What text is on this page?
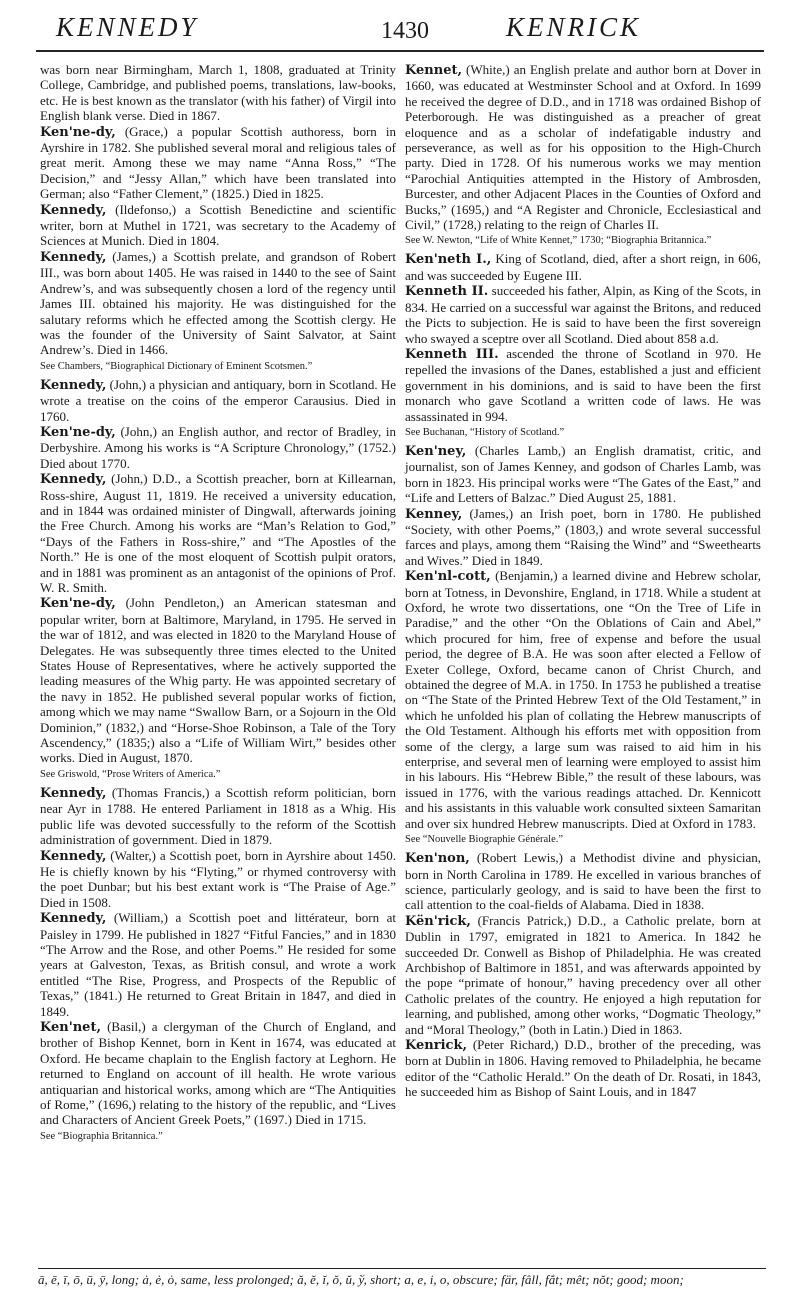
KENNEDY	1430	KENRICK

was born near Birmingham, March 1, 1808, graduated at Trinity College, Cambridge, and published poems, translations, law-books, etc. He is best known as the translator (with his father) of Virgil into English blank verse. Died in 1867.

Ken'ne-dy, (Grace,) a popular Scottish authoress, born in Ayrshire in 1782. She published several moral and religious tales of great merit. Among these we may name “Anna Ross,” “The Decision,” and “Jessy Allan,” which have been translated into German; also “Father Clement,” (1825.) Died in 1825.

Kennedy, (Ildefonso,) a Scottish Benedictine and scientific writer, born at Muthel in 1721, was secretary to the Academy of Sciences at Munich. Died in 1804.

Kennedy, (James,) a Scottish prelate, and grandson of Robert III., was born about 1405. He was raised in 1440 to the see of Saint Andrew’s, and was subsequently chosen a lord of the regency until James III. obtained his majority. He was distinguished for the salutary reforms which he effected among the Scottish clergy. He was the founder of the University of Saint Salvator, at Saint Andrew’s. Died in 1466.

See Chambers, “Biographical Dictionary of Eminent Scotsmen.”

Kennedy, (John,) a physician and antiquary, born in Scotland. He wrote a treatise on the coins of the emperor Carausius. Died in 1760.

Ken'ne-dy, (John,) an English author, and rector of Bradley, in Derbyshire. Among his works is “A Scripture Chronology,” (1752.) Died about 1770.

Kennedy, (John,) D.D., a Scottish preacher, born at Killearnan, Ross-shire, August 11, 1819. He received a university education, and in 1844 was ordained minister of Dingwall, afterwards joining the Free Church. Among his works are “Man’s Relation to God,” “Days of the Fathers in Ross-shire,” and “The Apostles of the North.” He is one of the most eloquent of Scottish pulpit orators, and in 1881 was prominent as an antagonist of the opinions of Prof. W. R. Smith.

Ken'ne-dy, (John Pendleton,) an American statesman and popular writer, born at Baltimore, Maryland, in 1795. He served in the war of 1812, and was elected in 1820 to the Maryland House of Delegates. He was subsequently three times elected to the United States House of Representatives, where he actively supported the leading measures of the Whig party. He was appointed secretary of the navy in 1852. He published several popular works of fiction, among which we may name “Swallow Barn, or a Sojourn in the Old Dominion,” (1832,) and “Horse-Shoe Robinson, a Tale of the Tory Ascendency,” (1835;) also a “Life of William Wirt,” besides other works. Died in August, 1870.

See Griswold, “Prose Writers of America.”

Kennedy, (Thomas Francis,) a Scottish reform politician, born near Ayr in 1788. He entered Parliament in 1818 as a Whig. His public life was devoted successfully to the reform of the Scottish administration of government. Died in 1879.

Kennedy, (Walter,) a Scottish poet, born in Ayrshire about 1450. He is chiefly known by his “Flyting,” or rhymed controversy with the poet Dunbar; but his best extant work is “The Praise of Age.” Died in 1508.

Kennedy, (William,) a Scottish poet and littérateur, born at Paisley in 1799. He published in 1827 “Fitful Fancies,” and in 1830 “The Arrow and the Rose, and other Poems.” He resided for some years at Galveston, Texas, as British consul, and wrote a work entitled “The Rise, Progress, and Prospects of the Republic of Texas,” (1841.) He returned to Great Britain in 1847, and died in 1849.

Ken'net, (Basil,) a clergyman of the Church of England, and brother of Bishop Kennet, born in Kent in 1674, was educated at Oxford. He became chaplain to the English factory at Leghorn. He returned to England on account of ill health. He wrote various antiquarian and historical works, among which are “The Antiquities of Rome,” (1696,) relating to the history of the republic, and “Lives and Characters of Ancient Greek Poets,” (1697.) Died in 1715.

See “Biographia Britannica.”

Kennet, (White,) an English prelate and author born at Dover in 1660, was educated at Westminster School and at Oxford. In 1699 he received the degree of D.D., and in 1718 was ordained Bishop of Peterborough. He was distinguished as a preacher of great eloquence and as a scholar of indefatigable industry and perseverance, as well as for his opposition to the High-Church party. Died in 1728. Of his numerous works we may mention “Parochial Antiquities attempted in the History of Ambrosden, Burcester, and other Adjacent Places in the Counties of Oxford and Bucks,” (1695,) and “A Register and Chronicle, Ecclesiastical and Civil,” (1728,) relating to the reign of Charles II.

See W. Newton, “Life of White Kennet,” 1730; “Biographia Britannica.”

Ken'neth I., King of Scotland, died, after a short reign, in 606, and was succeeded by Eugene III.

Kenneth II. succeeded his father, Alpin, as King of the Scots, in 834. He carried on a successful war against the Britons, and reduced the Picts to subjection. He is said to have been the first sovereign who swayed a sceptre over all Scotland. Died about 858 a.d.

Kenneth III. ascended the throne of Scotland in 970. He repelled the invasions of the Danes, established a just and efficient government in his dominions, and is said to have been the first monarch who gave Scotland a written code of laws. He was assassinated in 994.

See Buchanan, “History of Scotland.”

Ken'ney, (Charles Lamb,) an English dramatist, critic, and journalist, son of James Kenney, and godson of Charles Lamb, was born in 1823. His principal works were “The Gates of the East,” and “Life and Letters of Balzac.” Died August 25, 1881.

Kenney, (James,) an Irish poet, born in 1780. He published “Society, with other Poems,” (1803,) and wrote several successful farces and plays, among them “Raising the Wind” and “Sweethearts and Wives.” Died in 1849.

Ken'nl-cott, (Benjamin,) a learned divine and Hebrew scholar, born at Totness, in Devonshire, England, in 1718. While a student at Oxford, he wrote two dissertations, one “On the Tree of Life in Paradise,” and the other “On the Oblations of Cain and Abel,” which procured for him, free of expense and before the usual period, the degree of B.A. He was soon after elected a Fellow of Exeter College, Oxford, became canon of Christ Church, and obtained the degree of M.A. in 1750. In 1753 he published a treatise on “The State of the Printed Hebrew Text of the Old Testament,” in which he unfolded his plan of collating the Hebrew manuscripts of the Old Testament. Although his efforts met with opposition from some of the clergy, a large sum was raised to aid him in his enterprise, and several men of learning were employed to assist him in his labours. His “Hebrew Bible,” the result of these labours, was issued in 1776, with the various readings attached. Dr. Kennicott and his assistants in this valuable work consulted sixteen Samaritan and over six hundred Hebrew manuscripts. Died at Oxford in 1783.

See “Nouvelle Biographie Générale.”

Ken'non, (Robert Lewis,) a Methodist divine and physician, born in North Carolina in 1789. He excelled in various branches of science, particularly geology, and is said to have been the first to call attention to the coal-fields of Alabama. Died in 1838.

Kën'rick, (Francis Patrick,) D.D., a Catholic prelate, born at Dublin in 1797, emigrated in 1821 to America. In 1842 he succeeded Dr. Conwell as Bishop of Philadelphia. He was created Archbishop of Baltimore in 1851, and was afterwards appointed by the pope “primate of honour,” having precedency over all other Catholic prelates of the country. He enjoyed a high reputation for learning, and published, among other works, “Dogmatic Theology,” and “Moral Theology,” (both in Latin.) Died in 1863.

Kenrick, (Peter Richard,) D.D., brother of the preceding, was born at Dublin in 1806. Having removed to Philadelphia, he became editor of the “Catholic Herald.” On the death of Dr. Rosati, in 1843, he succeeded him as Bishop of Saint Louis, and in 1847

ā, ē, ī, ō, ū, ȳ, long; ȧ, ė, ȯ, same, less prolonged; ă, ĕ, ĭ, ŏ, ŭ, ў, short; a, e, i, o, obscure; fär, fâll, fắt; mêt; nŏt; good; moon;
